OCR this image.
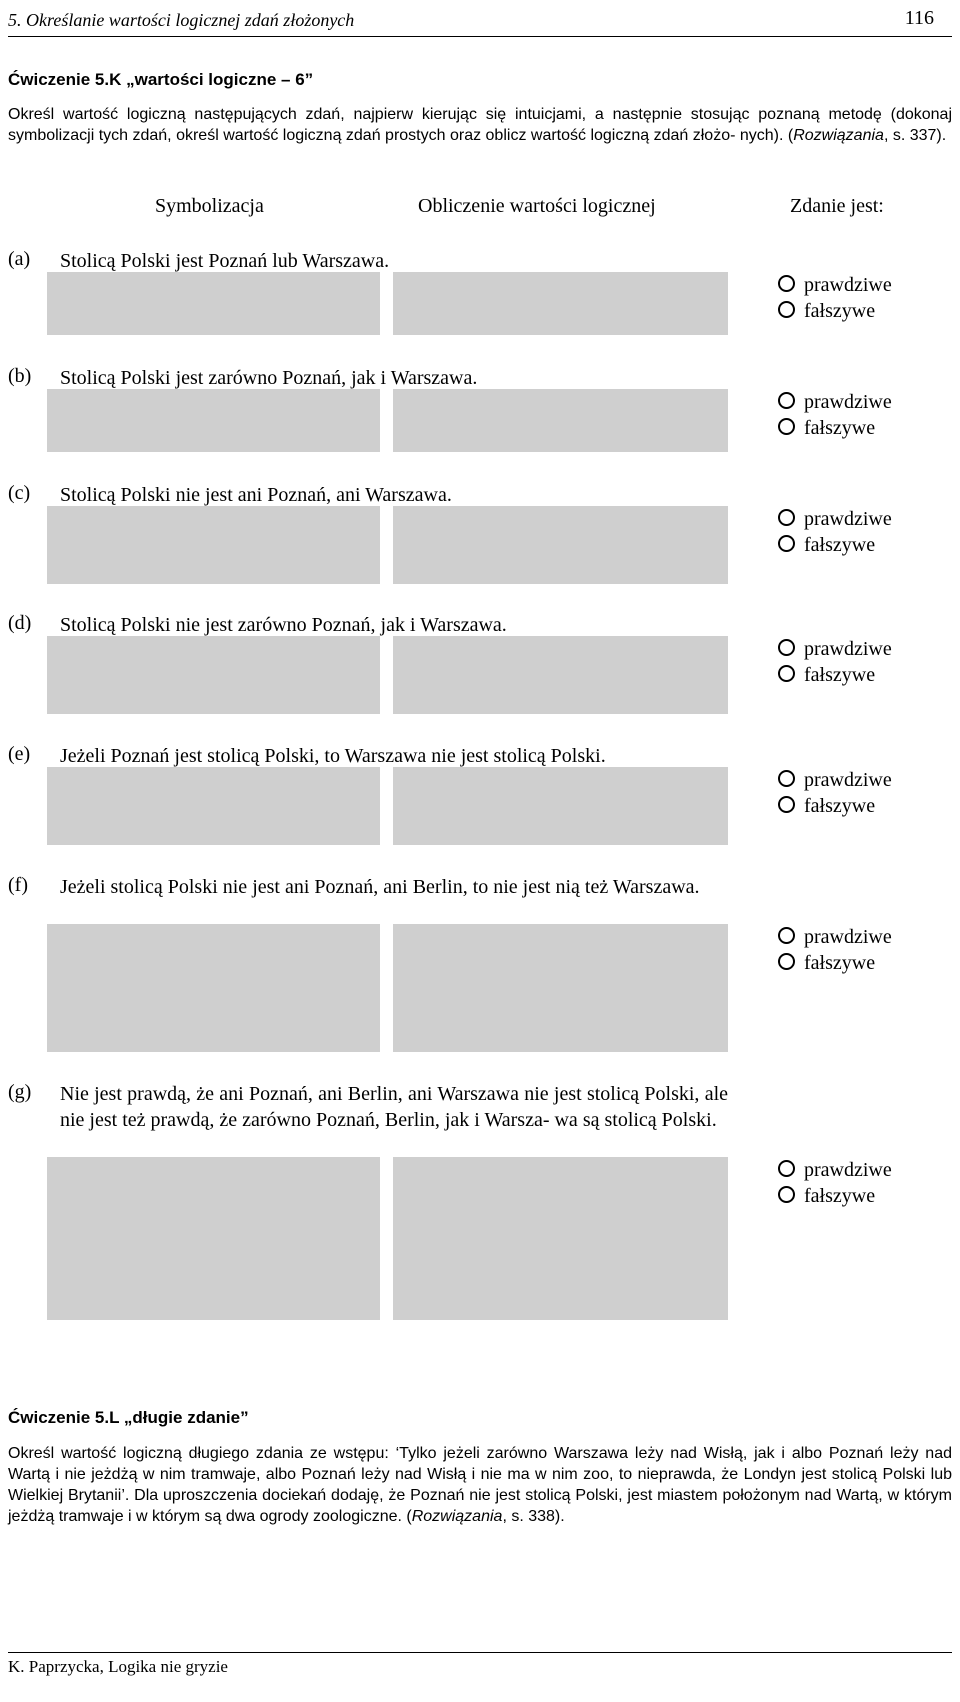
5. Określanie wartości logicznej zdań złożonych	116
Ćwiczenie 5.K „wartości logiczne – 6”
Określ wartość logiczną następujących zdań, najpierw kierując się intuicjami, a następnie stosując poznaną metodę (dokonaj symbolizacji tych zdań, określ wartość logiczną zdań prostych oraz oblicz wartość logiczną zdań złożo- nych). (Rozwiązania, s. 337).
Symbolizacja	Obliczenie wartości logicznej	Zdanie jest:
(a) Stolicą Polski jest Poznań lub Warszawa.
prawdziwe
fałszywe
(b) Stolicą Polski jest zarówno Poznań, jak i Warszawa.
prawdziwe
fałszywe
(c) Stolicą Polski nie jest ani Poznań, ani Warszawa.
prawdziwe
fałszywe
(d) Stolicą Polski nie jest zarówno Poznań, jak i Warszawa.
prawdziwe
fałszywe
(e) Jeżeli Poznań jest stolicą Polski, to Warszawa nie jest stolicą Polski.
prawdziwe
fałszywe
(f) Jeżeli stolicą Polski nie jest ani Poznań, ani Berlin, to nie jest nią też Warszawa.
prawdziwe
fałszywe
(g) Nie jest prawdą, że ani Poznań, ani Berlin, ani Warszawa nie jest stolicą Polski, ale nie jest też prawdą, że zarówno Poznań, Berlin, jak i Warsza- wa są stolicą Polski.
prawdziwe
fałszywe
Ćwiczenie 5.L „długie zdanie”
Określ wartość logiczną długiego zdania ze wstępu: ‘Tylko jeżeli zarówno Warszawa leży nad Wisłą, jak i albo Poznań leży nad Wartą i nie jeżdżą w nim tramwaje, albo Poznań leży nad Wisłą i nie ma w nim zoo, to nieprawda, że Londyn jest stolicą Polski lub Wielkiej Brytanii’. Dla uproszczenia dociekań dodaję, że Poznań nie jest stolicą Polski, jest miastem położonym nad Wartą, w którym jeżdżą tramwaje i w którym są dwa ogrody zoologiczne. (Rozwiązania, s. 338).
K. Paprzycka, Logika nie gryzie
